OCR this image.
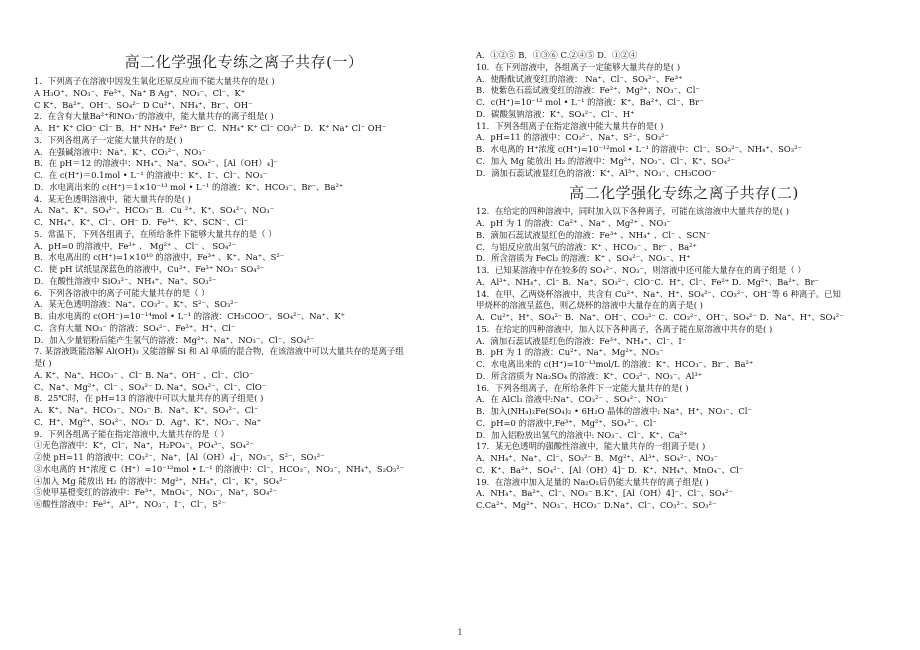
高二化学强化专练之离子共存(一）
1．下列离子在溶液中因发生氧化还原反应而不能大量共存的是( )
A H₃O⁺、NO₃⁻、Fe²⁺、Na⁺ B Ag⁺、NO₃⁻、Cl⁻、K⁺
C K⁺、Ba²⁺、OH⁻、SO₄²⁻ D Cu²⁺、NH₄⁺、Br⁻、OH⁻
2．在含有大量Ba²⁺和NO₃⁻的溶液中，能大量共存的离子组是( )
A．H⁺ K⁺ ClO⁻ Cl⁻ B．H⁺ NH₄⁺ Fe²⁺ Br⁻ C．NH₄⁺ K⁺ Cl⁻ CO₃²⁻ D．K⁺ Na⁺ Cl⁻ OH⁻
3．下列各组离子一定能大量共存的是( )
A．在强碱溶液中：Na⁺、K⁺、CO₃²⁻、NO₃⁻
B．在 pH＝12 的溶液中：NH₄⁺、Na⁺、SO₄²⁻、[Al（OH）₄]⁻
C．在 c(H⁺)＝0.1mol • L⁻¹ 的溶液中：K⁺、I⁻、Cl⁻、NO₃⁻
D．水电离出来的 c(H⁺)＝1×10⁻¹³ mol • L⁻¹ 的溶液：K⁺、HCO₃⁻、Br⁻、Ba²⁺
4．某无色透明溶液中，能大量共存的是( )
A．Na⁺、K⁺、SO₄²⁻、HCO₃⁻ B．Cu ²⁺、K⁺、SO₄²⁻、NO₃⁻
C．NH₄⁺、K⁺、Cl⁻、OH⁻ D．Fe³⁺、K⁺、SCN⁻、Cl⁻
5．常温下，下列各组离子，在所给条件下能够大量共存的是（ ）
A．pH=0 的溶液中，Fe³⁺ 、 Mg²⁺ 、 Cl⁻ 、 SO₄²⁻
B．水电离出的 c(H⁺)=1×10¹⁰ 的溶液中，Fe³⁺ 、K⁺、Na⁺、S²⁻
C．使 pH 试纸显深蓝色的溶液中，Cu²⁺、Fe³⁺ NO₃⁻ SO₄²⁻
D．在酸性溶液中 SiO₃²⁻、NH₄⁺、Na⁺、SO₃²⁻
6．下列各溶液中的离子可能大量共存的是（ ）
A．某无色透明溶液：Na⁺、CO₃²⁻、K⁺、S²⁻、SO₃²⁻
B．由水电离的 c(OH⁻)=10⁻¹⁴mol • L⁻¹ 的溶液：CH₃COO⁻、SO₄²⁻、Na⁺、K⁺
C．含有大量 NO₃⁻ 的溶液：SO₄²⁻、Fe²⁺、H⁺、Cl⁻
D．加入少量铝粉后能产生氢气的溶液：Mg²⁺、Na⁺、NO₃⁻、Cl⁻、SO₄²⁻
7. 某溶液既能溶解 Al(OH)₃ 又能溶解 Si 和 Al 单质的混合物，在该溶液中可以大量共存的是离子组
是( )
A. K⁺、Na⁺、HCO₃⁻ 、Cl⁻ B. Na⁺、OH⁻ 、Cl⁻、ClO⁻
C、Na⁺、Mg²⁺、Cl⁻ 、SO₄²⁻ D. Na⁺、SO₄²⁻、Cl⁻、ClO⁻
8．25℃时，在 pH=13 的溶液中可以大量共存的离子组是( )
A．K⁺、Na⁺、HCO₃⁻、NO₃⁻ B．Na⁺、K⁺、SO₄²⁻、Cl⁻
C．H⁺、Mg²⁺、SO₄²⁻、NO₃⁻ D．Ag⁺、K⁺、NO₃⁻、Na⁺
9．下列各组离子能在指定溶液中,大量共存的是（ ）
①无色溶液中：K⁺，Cl⁻，Na⁺，H₂PO₄⁻，PO₄³⁻，SO₄²⁻
②使 pH=11 的溶液中：CO₃²⁻，Na⁺，[Al（OH）₄]⁻，NO₃⁻，S²⁻，SO₃²⁻
③水电离的 H⁺浓度 C（H⁺）=10⁻¹²mol • L⁻¹ 的溶液中：Cl⁻，HCO₃⁻，NO₃⁻，NH₄⁺，S₂O₃²⁻
④加入 Mg 能放出 H₂ 的溶液中：Mg²⁺，NH₄⁺，Cl⁻，K⁺，SO₄²⁻
⑤使甲基橙变红的溶液中：Fe³⁺，MnO₄⁻，NO₃⁻，Na⁺，SO₄²⁻
⑥酸性溶液中：Fe²⁺，Al³⁺，NO₃⁻，I⁻，Cl⁻，S²⁻
A．①②⑤ B．①③⑥ C.②④⑤ D．①②④
10．在下列溶液中，各组离子一定能够大量共存的是( )
A．使酚酞试液变红的溶液： Na⁺、Cl⁻、SO₄²⁻、Fe³⁺
B．使紫色石蕊试液变红的溶液：Fe²⁺、Mg²⁺、NO₃⁻、Cl⁻
C．c(H⁺)=10⁻¹² mol • L⁻¹ 的溶液：K⁺、Ba²⁺、Cl⁻、Br⁻
D．碳酸氢钠溶液：K⁺、SO₄²⁻、Cl⁻、H⁺
11．下列各组离子在指定溶液中能大量共存的是( )
A．pH=11 的溶液中：CO₃²⁻、Na⁺、S²⁻、SO₃²⁻
B．水电离的 H⁺浓度 c(H⁺)=10⁻¹²mol • L⁻¹ 的溶液中：Cl⁻、SO₃²⁻、NH₄⁺、SO₃²⁻
C．加入 Mg 能放出 H₂ 的溶液中：Mg²⁺、NO₃⁻、Cl⁻、K⁺、SO₄²⁻
D．滴加石蕊试液显红色的溶液：K⁺、Al³⁺、NO₃⁻、CH₃COO⁻
高二化学强化专练之离子共存(二)
12．在给定的四种溶液中，同时加入以下各种离子，可能在该溶液中大量共存的是( )
A．pH 为 1 的溶液：Ca²⁺ 、Na⁺ 、Mg²⁺ 、NO₃⁻
B．滴加石蕊试液显红色的溶液：Fe³⁺ 、NH₄⁺ 、Cl⁻ 、SCN⁻
C．与铝反应放出氢气的溶液：K⁺ 、HCO₃⁻ 、Br⁻ 、Ba²⁺
D．所含溶质为 FeCl₂ 的溶液：K⁺ 、SO₄²⁻、NO₃⁻、H⁺
13．已知某溶液中存在较多的 SO₄²⁻、NO₃⁻，则溶液中还可能大量存在的离子组是（ ）
A．Al³⁺、NH₄⁺、Cl⁻ B．Na⁺、SO₃²⁻、ClO⁻C．H⁺、Cl⁻、Fe²⁺ D．Mg²⁺、Ba²⁺、Br⁻
14．在甲、乙两烧杯溶液中，共含有 Cu²⁺、Na⁺、H⁺、SO₄²⁻、CO₃²⁻、OH⁻等 6 种离子。已知
甲烧杯的溶液呈蓝色，则乙烧杯的溶液中大量存在的离子是( )
A．Cu²⁺、H⁺、SO₄²⁻ B．Na⁺、OH⁻、CO₃²⁻ C．CO₃²⁻、OH⁻、SO₄²⁻ D．Na⁺、H⁺、SO₄²⁻
15．在给定的四种溶液中，加入以下各种离子，各离子能在原溶液中共存的是( )
A．滴加石蕊试液显红色的溶液：Fe³⁺、NH₄⁺、Cl⁻、I⁻
B．pH 为 1 的溶液：Cu²⁺、Na⁺、Mg²⁺、NO₃⁻
C．水电离出来的 c(H⁺)=10⁻¹³mol/L 的溶液：K⁺、HCO₃⁻、Br⁻、Ba²⁺
D．所含溶质为 Na₂SO₄ 的溶液：K⁺、CO₃²⁻、NO₃⁻、Al³⁺
16．下列各组离子，在所给条件下一定能大量共存的是( )
A．在 AlCl₃ 溶液中:Na⁺、CO₃²⁻ 、SO₄²⁻、NO₃⁻
B．加入(NH₄)₂Fe(SO₄)₂ • 6H₂O 晶体的溶液中: Na⁺、H⁺、NO₃⁻、Cl⁻
C．pH=0 的溶液中,Fe³⁺、Mg²⁺、SO₄²⁻、Cl⁻
D．加入铝粉放出氢气的溶液中: NO₃⁻、Cl⁻、K⁺、Ca²⁺
17．某无色透明的强酸性溶液中，能大量共存的一组离子是( )
A．NH₄⁺、Na⁺、Cl⁻、SO₃²⁻ B．Mg²⁺、Al³⁺、SO₄²⁻、NO₃⁻
C．K⁺、Ba²⁺、SO₄²⁻、[Al（OH）4]⁻ D．K⁺、NH₄⁺、MnO₄⁻、Cl⁻
19．在溶液中加入足量的 Na₂O₂后仍能大量共存的离子组是( )
A．NH₄⁺、Ba²⁺、Cl⁻、NO₃⁻ B.K⁺、[Al（OH）4]⁻、Cl⁻、SO₄²⁻
C.Ca²⁺、Mg²⁺、NO₃⁻、HCO₃⁻ D.Na⁺、Cl⁻、CO₃²⁻、SO₃²⁻
1
